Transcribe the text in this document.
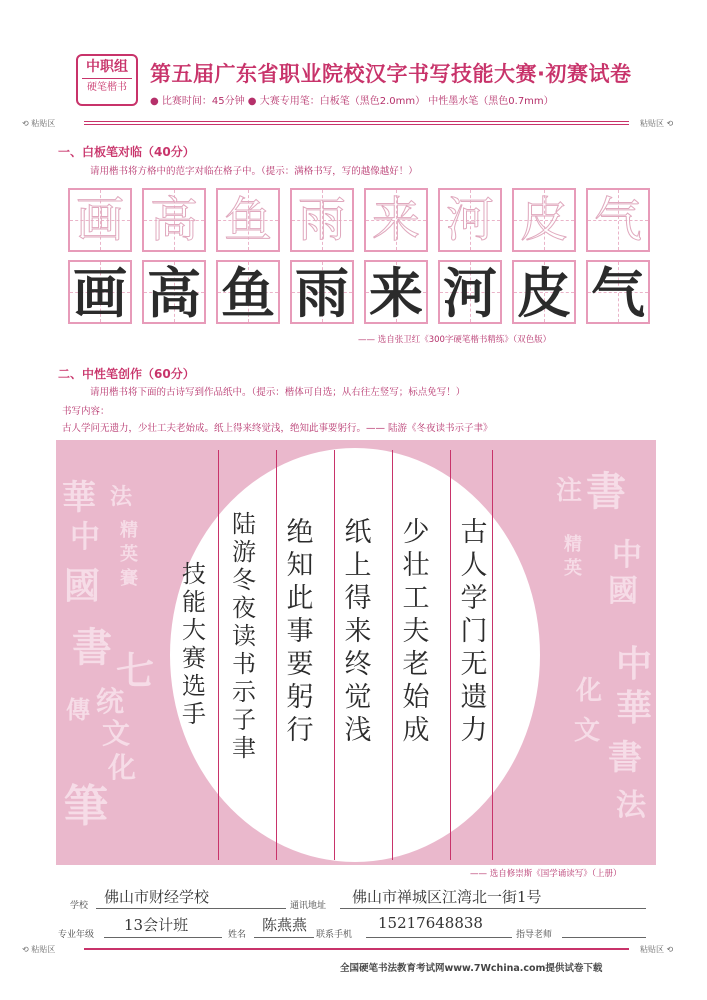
中职组
硬笔楷书
第五届广东省职业院校汉字书写技能大赛·初赛试卷
● 比赛时间：45分钟 ● 大赛专用笔：白板笔（黑色2.0mm） 中性墨水笔（黑色0.7mm）
⟲ 粘贴区	粘贴区 ⟲
一、白板笔对临（40分）
请用楷书将方格中的范字对临在格子中。（提示：满格书写，写的越像越好！）
画 高 鱼 雨 来 河 皮 气
画 高 鱼 雨 来 河 皮 气
—— 选自张卫红《300字硬笔楷书精练》（双色版）
二、中性笔创作（60分）
请用楷书将下面的古诗写到作品纸中。（提示：楷体可自选；从右往左竖写；标点免写！）
书写内容：
古人学问无遗力，少壮工夫老始成。纸上得来终觉浅，绝知此事要躬行。—— 陆游《冬夜读书示子聿》
華
中
國
書
法
精
英
賽
七
统
文
化
傳
筆
書
中
國
注
精
英
中
華
書
法
化
文
古人学门无遗力
少壮工夫老始成
纸上得来终觉浅
绝知此事要躬行
陆游冬夜读书示子聿
技能大赛选手
—— 选自修崇斯《国学诵读写》（上册）
学校 佛山市财经学校	通讯地址 佛山市禅城区江湾北一街1号
专业年级
13会计班
姓名
陈燕燕
联系手机
15217648838
指导老师
⟲ 粘贴区	粘贴区 ⟲
全国硬笔书法教育考试网www.7Wchina.com提供试卷下载
